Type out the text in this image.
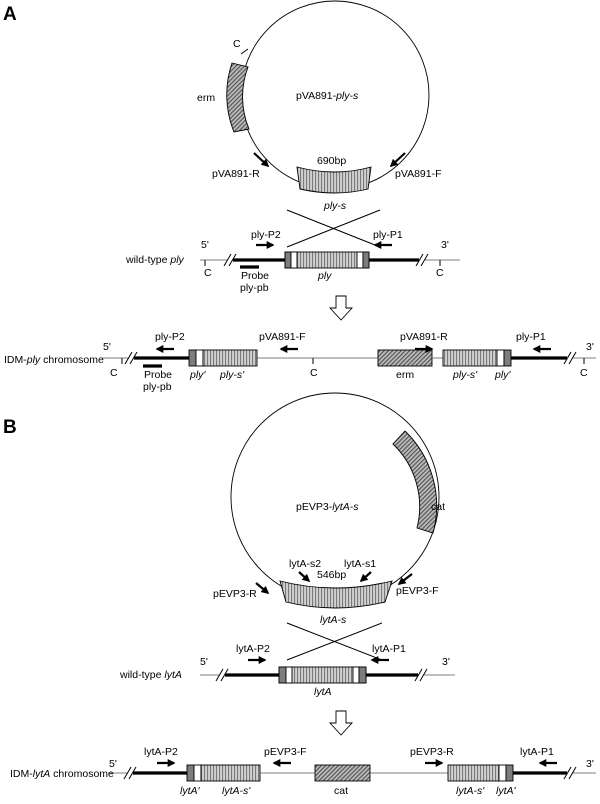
A
C
erm	pVA891-ply-s
690bp
ply-s
pVA891-R	pVA891-F
wild-type ply
C	C
5'	3'
ply-P2	ply-P1
Probe
ply-pb
ply
IDM-ply chromosome
C	C	C
5'	3'
ply-P2	pVA891-F	pVA891-R	ply-P1
Probe
ply-pb
ply' ply-s'	erm	ply-s' ply'
B
cat
pEVP3-lytA-s
546bp
lytA-s
lytA-s2 lytA-s1
pEVP3-R	pEVP3-F
wild-type lytA
5'	3'
lytA-P2	lytA-P1
lytA
IDM-lytA chromosome
5'	3'
lytA-P2	pEVP3-F	pEVP3-R	lytA-P1
lytA' lytA-s'	cat	lytA-s' lytA'
